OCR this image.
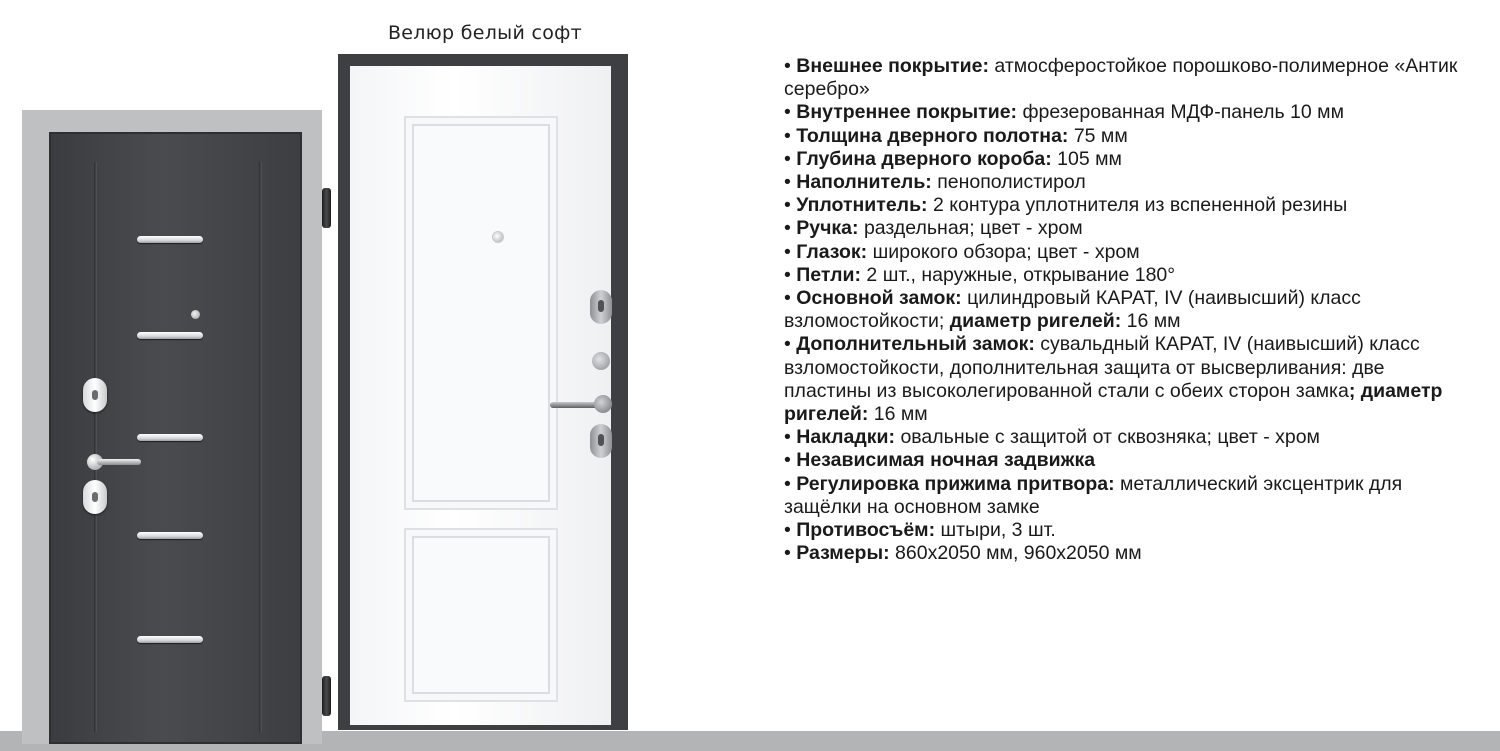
Велюр белый софт
• Внешнее покрытие: атмосферостойкое порошково-полимерное «Антик серебро»
• Внутреннее покрытие: фрезерованная МДФ-панель 10 мм
• Толщина дверного полотна: 75 мм
• Глубина дверного короба: 105 мм
• Наполнитель: пенополистирол
• Уплотнитель: 2 контура уплотнителя из вспененной резины
• Ручка: раздельная; цвет - хром
• Глазок: широкого обзора; цвет - хром
• Петли: 2 шт., наружные, открывание 180°
• Основной замок: цилиндровый КАРАТ, IV (наивысший) класс взломостойкости; диаметр ригелей: 16 мм
• Дополнительный замок: сувальдный КАРАТ, IV (наивысший) класс взломостойкости, дополнительная защита от высверливания: две пластины из высоколегированной стали с обеих сторон замка; диаметр ригелей: 16 мм
• Накладки: овальные с защитой от сквозняка; цвет - хром
• Независимая ночная задвижка
• Регулировка прижима притвора: металлический эксцентрик для защёлки на основном замке
• Противосъём: штыри, 3 шт.
• Размеры: 860х2050 мм, 960х2050 мм
